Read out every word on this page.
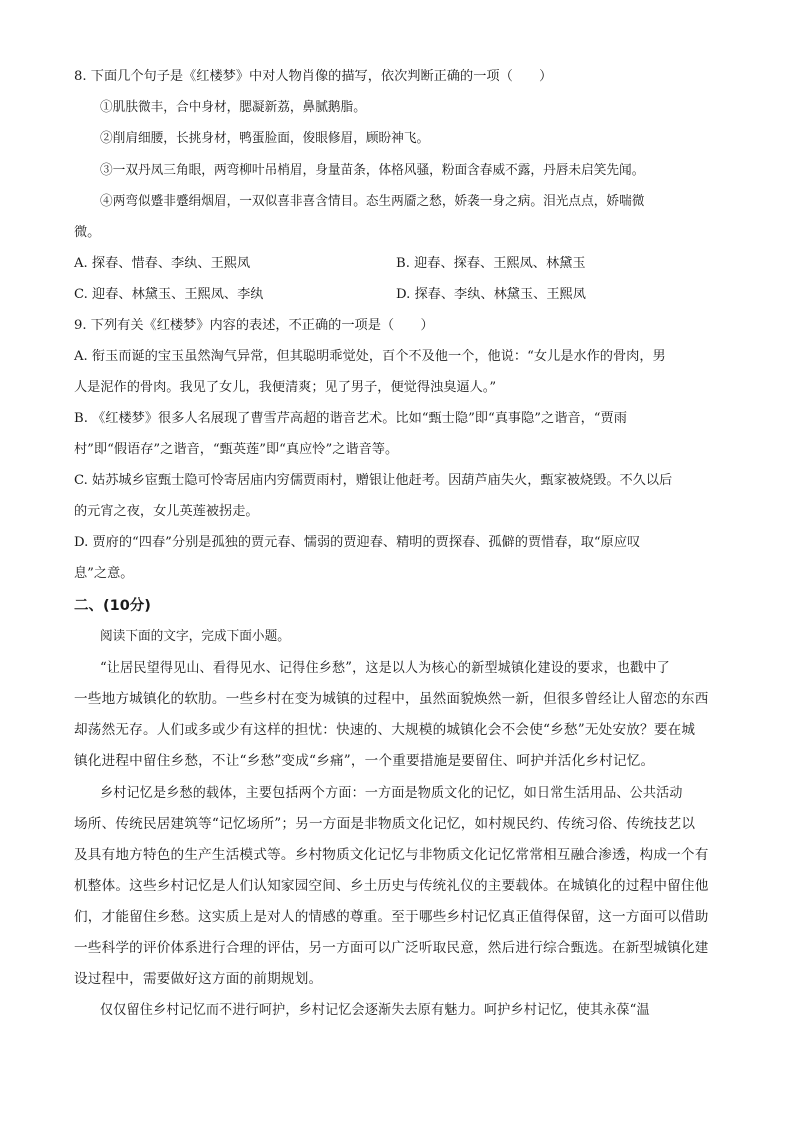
8. 下面几个句子是《红楼梦》中对人物肖像的描写，依次判断正确的一项（　　）
①肌肤微丰，合中身材，腮凝新荔，鼻腻鹅脂。
②削肩细腰，长挑身材，鸭蛋脸面，俊眼修眉，顾盼神飞。
③一双丹凤三角眼，两弯柳叶吊梢眉，身量苗条，体格风骚，粉面含春威不露，丹唇未启笑先闻。
④两弯似蹙非蹙绢烟眉，一双似喜非喜含情目。态生两靥之愁，娇袭一身之病。泪光点点，娇喘微
微。
A. 探春、惜春、李纨、王熙凤	B. 迎春、探春、王熙凤、林黛玉
C. 迎春、林黛玉、王熙凤、李纨	D. 探春、李纨、林黛玉、王熙凤
9. 下列有关《红楼梦》内容的表述，不正确的一项是（　　）
A. 衔玉而诞的宝玉虽然淘气异常，但其聪明乖觉处，百个不及他一个，他说：“女儿是水作的骨肉，男
人是泥作的骨肉。我见了女儿，我便清爽；见了男子，便觉得浊臭逼人。”
B. 《红楼梦》很多人名展现了曹雪芹高超的谐音艺术。比如“甄士隐”即“真事隐”之谐音，“贾雨
村”即“假语存”之谐音，“甄英莲”即“真应怜”之谐音等。
C. 姑苏城乡宦甄士隐可怜寄居庙内穷儒贾雨村，赠银让他赶考。因葫芦庙失火，甄家被烧毁。不久以后
的元宵之夜，女儿英莲被拐走。
D. 贾府的“四春”分别是孤独的贾元春、懦弱的贾迎春、精明的贾探春、孤僻的贾惜春，取“原应叹
息”之意。
二、(10分)
阅读下面的文字，完成下面小题。
“让居民望得见山、看得见水、记得住乡愁”，这是以人为核心的新型城镇化建设的要求，也戳中了
一些地方城镇化的软肋。一些乡村在变为城镇的过程中，虽然面貌焕然一新，但很多曾经让人留恋的东西
却荡然无存。人们或多或少有这样的担忧：快速的、大规模的城镇化会不会使“乡愁”无处安放？要在城
镇化进程中留住乡愁，不让“乡愁”变成“乡痛”，一个重要措施是要留住、呵护并活化乡村记忆。
乡村记忆是乡愁的载体，主要包括两个方面：一方面是物质文化的记忆，如日常生活用品、公共活动
场所、传统民居建筑等“记忆场所”；另一方面是非物质文化记忆，如村规民约、传统习俗、传统技艺以
及具有地方特色的生产生活模式等。乡村物质文化记忆与非物质文化记忆常常相互融合渗透，构成一个有
机整体。这些乡村记忆是人们认知家园空间、乡土历史与传统礼仪的主要载体。在城镇化的过程中留住他
们，才能留住乡愁。这实质上是对人的情感的尊重。至于哪些乡村记忆真正值得保留，这一方面可以借助
一些科学的评价体系进行合理的评估，另一方面可以广泛听取民意，然后进行综合甄选。在新型城镇化建
设过程中，需要做好这方面的前期规划。
仅仅留住乡村记忆而不进行呵护，乡村记忆会逐渐失去原有魅力。呵护乡村记忆，使其永葆“温
